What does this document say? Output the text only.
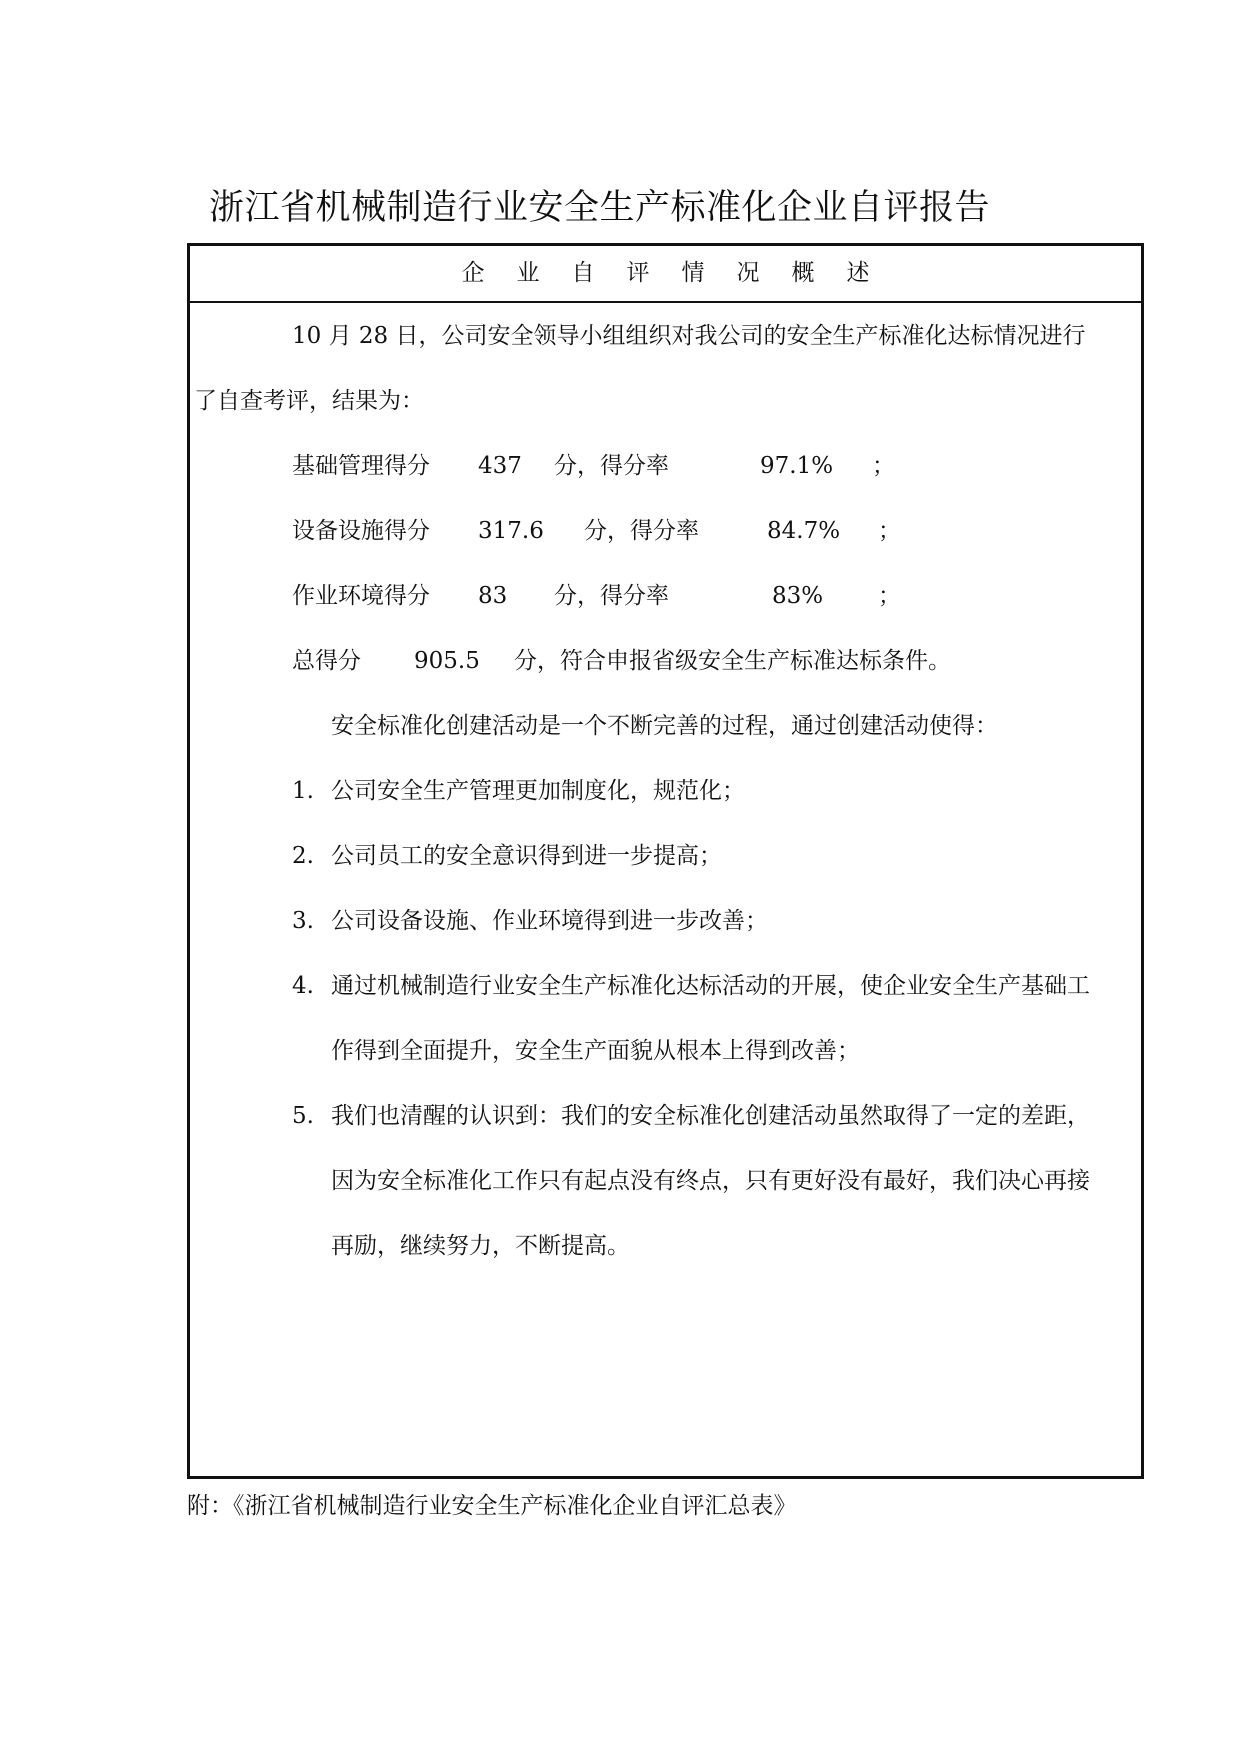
浙江省机械制造行业安全生产标准化企业自评报告
企 业 自 评 情 况 概 述
10 月 28 日，公司安全领导小组组织对我公司的安全生产标准化达标情况进行
了自查考评，结果为：
基础管理得分 437 分，得分率	97.1% ；
设备设施得分 317.6 分，得分率	84.7% ；
作业环境得分 83 分，得分率	83% ；
总得分 905.5 分，符合申报省级安全生产标准达标条件。
安全标准化创建活动是一个不断完善的过程，通过创建活动使得：
1. 公司安全生产管理更加制度化，规范化；
2. 公司员工的安全意识得到进一步提高；
3. 公司设备设施、作业环境得到进一步改善；
4. 通过机械制造行业安全生产标准化达标活动的开展，使企业安全生产基础工
作得到全面提升，安全生产面貌从根本上得到改善；
5. 我们也清醒的认识到：我们的安全标准化创建活动虽然取得了一定的差距，
因为安全标准化工作只有起点没有终点，只有更好没有最好，我们决心再接
再励，继续努力，不断提高。
附：《浙江省机械制造行业安全生产标准化企业自评汇总表》
